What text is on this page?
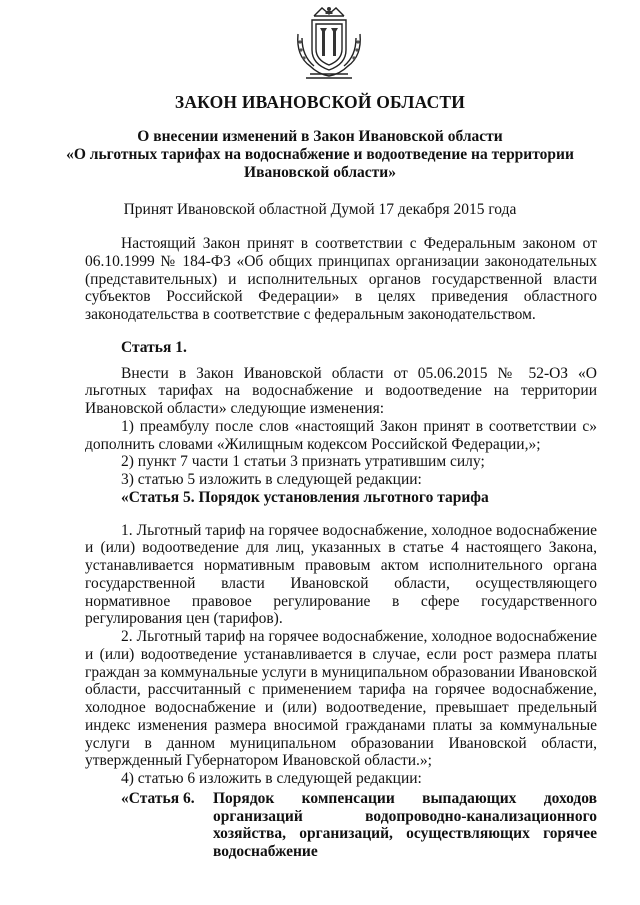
ЗАКОН ИВАНОВСКОЙ ОБЛАСТИ
О внесении изменений в Закон Ивановской области
«О льготных тарифах на водоснабжение и водоотведение на территории
Ивановской области»

Принят Ивановской областной Думой 17 декабря 2015 года

Настоящий Закон принят в соответствии с Федеральным законом от 06.10.1999 № 184-ФЗ «Об общих принципах организации законодательных (представительных) и исполнительных органов государственной власти субъектов Российской Федерации» в целях приведения областного законодательства в соответствие с федеральным законодательством.

Статья 1.

Внести в Закон Ивановской области от 05.06.2015 № 52-ОЗ «О льготных тарифах на водоснабжение и водоотведение на территории Ивановской области» следующие изменения:

1) преамбулу после слов «настоящий Закон принят в соответствии с» дополнить словами «Жилищным кодексом Российской Федерации,»;

2) пункт 7 части 1 статьи 3 признать утратившим силу;

3) статью 5 изложить в следующей редакции:

«Статья 5. Порядок установления льготного тарифа

1. Льготный тариф на горячее водоснабжение, холодное водоснабжение и (или) водоотведение для лиц, указанных в статье 4 настоящего Закона, устанавливается нормативным правовым актом исполнительного органа государственной власти Ивановской области, осуществляющего нормативное правовое регулирование в сфере государственного регулирования цен (тарифов).

2. Льготный тариф на горячее водоснабжение, холодное водоснабжение и (или) водоотведение устанавливается в случае, если рост размера платы граждан за коммунальные услуги в муниципальном образовании Ивановской области, рассчитанный с применением тарифа на горячее водоснабжение, холодное водоснабжение и (или) водоотведение, превышает предельный индекс изменения размера вносимой гражданами платы за коммунальные услуги в данном муниципальном образовании Ивановской области, утвержденный Губернатором Ивановской области.»;

4) статью 6 изложить в следующей редакции:

«Статья 6.	Порядок компенсации выпадающих доходов
организаций водопроводно-канализационного
хозяйства, организаций, осуществляющих горячее
водоснабжение
